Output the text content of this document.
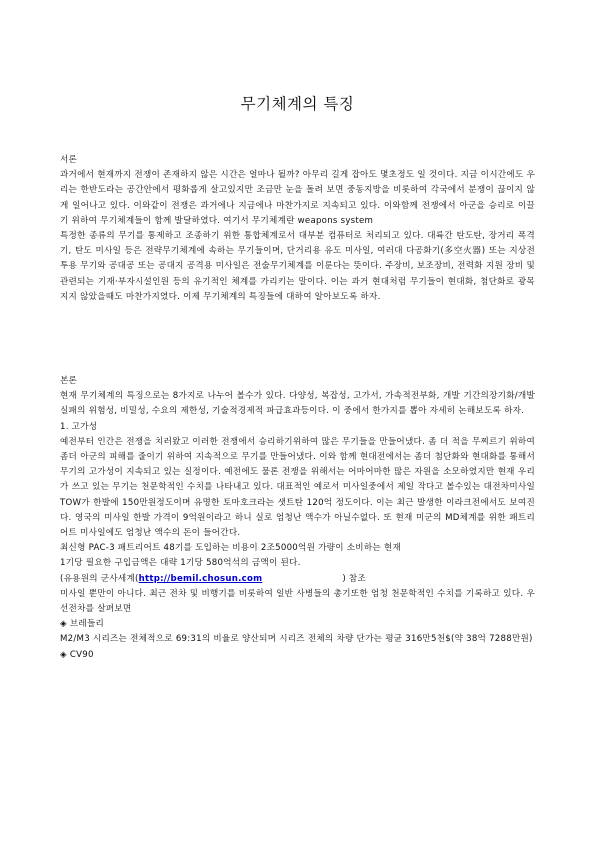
무기체계의 특징

서론

과거에서 현재까지 전쟁이 존재하지 않은 시간은 얼마나 될까? 아무리 길게 잡아도 몇초정도 일 것이다. 지금 이시간에도 우리는 한반도라는 공간안에서 평화롭게 살고있지만 조금만 눈을 돌려 보면 중동지방을 비롯하여 각국에서 분쟁이 끊이지 않게 일어나고 있다. 이와같이 전쟁은 과거에나 지금에나 마찬가지로 지속되고 있다. 이와함께 전쟁에서 아군을 승리로 이끌기 위하여 무기체계들이 함께 발달하였다. 여기서 무기체계란 weapons system

특정한 종류의 무기를 통제하고 조종하기 위한 통합체계로서 대부분 컴퓨터로 처리되고 있다. 대륙간 탄도탄, 장거리 폭격기, 탄도 미사일 등은 전략무기체계에 속하는 무기들이며, 단거리용 유도 미사일, 여러대 다공화기(多空火器) 또는 지상전투용 무기와 공대공 또는 공대지 공격용 미사일은 전술무기체계를 이룬다는 뜻이다. 주장비, 보조장비, 전력화 지원 장비 및 관련되는 기재·부자시설인원 등의 유기적인 체계를 가리키는 말이다. 이는 과거 현대처럼 무기들이 현대화, 첨단화로 광목지지 않았을때도 마찬가지였다. 이제 무기체계의 특징들에 대하여 알아보도록 하자.

본론

현재 무기체계의 특징으로는 8가지로 나누어 볼수가 있다. 다양성, 복잡성, 고가서, 가속적전부화, 개발 기간의장기화/개발 실패의 위험성, 비밀성, 수요의 제한성, 기술적경제적 파급효과등이다. 이 중에서 한가지를 뽑아 자세히 논해보도록 하자.

1. 고가성

예전부터 인간은 전쟁을 치러왔고 이러한 전쟁에서 승리하기위하여 많은 무기들을 만들어냈다. 좀 더 적을 무찌르기 위하여 좀더 아군의 피해를 줄이기 위하여 지속적으로 무기를 만들어냈다. 이와 함께 현대전에서는 좀더 첨단화와 현대화를 통해서 무기의 고가성이 지속되고 있는 실정이다. 예전에도 물론 전쟁을 위해서는 어마어마한 많은 자원을 소모하였지만 현재 우리가 쓰고 있는 무기는 천문학적인 수치를 나타내고 있다. 대표적인 예로서 미사일중에서 제일 작다고 볼수있는 대전차미사일TOW가 한발에 150만원정도이며 유명한 토마호크라는 샛트탄 120억 정도이다. 이는 최근 발생한 이라크전에서도 보여진다. 영국의 미사일 한발 가격이 9억원이라고 하니 실로 엄청난 액수가 아닐수없다. 또 현재 미군의 MD체계를 위한 패트리어트 미사일에도 엄청난 액수의 돈이 들어간다.

최신형 PAC-3 패트리어트 48기를 도입하는 비용이 2조5000억원 가량이 소비하는 현재

1기당 필요한 구입금액은 대략 1기당 580억석의 금액이 된다.

(유용원의 군사세계(http://bemil.chosun.com	) 참조

미사일 뿐만이 아니다. 최근 전차 및 비행기를 비롯하여 일반 사병들의 총기또한 엄청 천문학적인 수치를 기록하고 있다. 우선전차를 살펴보면

◈ 브레들리

M2/M3 시리즈는 전체적으로 69:31의 비율로 양산되며 시리즈 전체의 차량 단가는 평균 316만5천$(약 38억 7288만원)

◈ CV90
